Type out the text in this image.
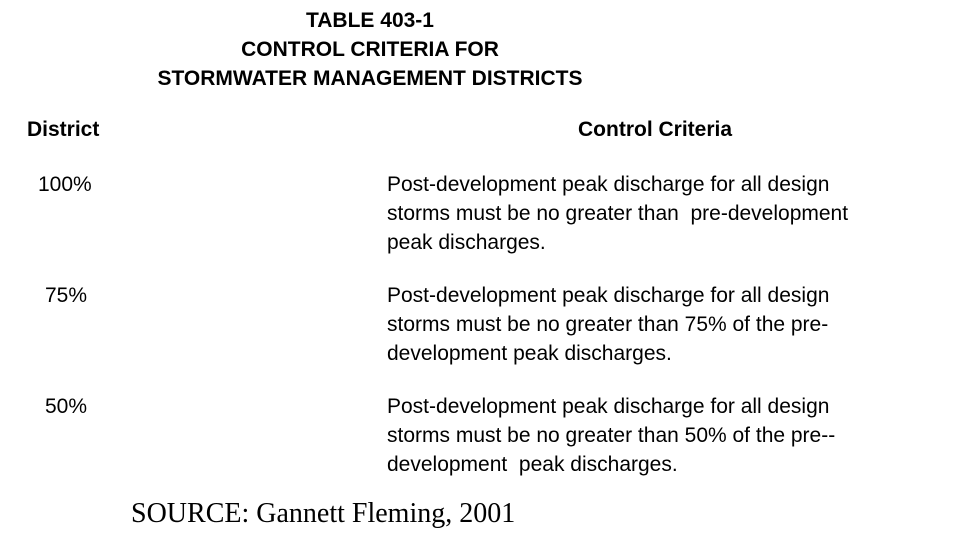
TABLE 403-1
CONTROL CRITERIA FOR
STORMWATER MANAGEMENT DISTRICTS
District	Control Criteria
100%	Post-development peak discharge for all design
storms must be no greater than  pre-development
peak discharges.
75%	Post-development peak discharge for all design
storms must be no greater than 75% of the pre-
development peak discharges.
50%	Post-development peak discharge for all design
storms must be no greater than 50% of the pre--
development  peak discharges.
SOURCE: Gannett Fleming, 2001
